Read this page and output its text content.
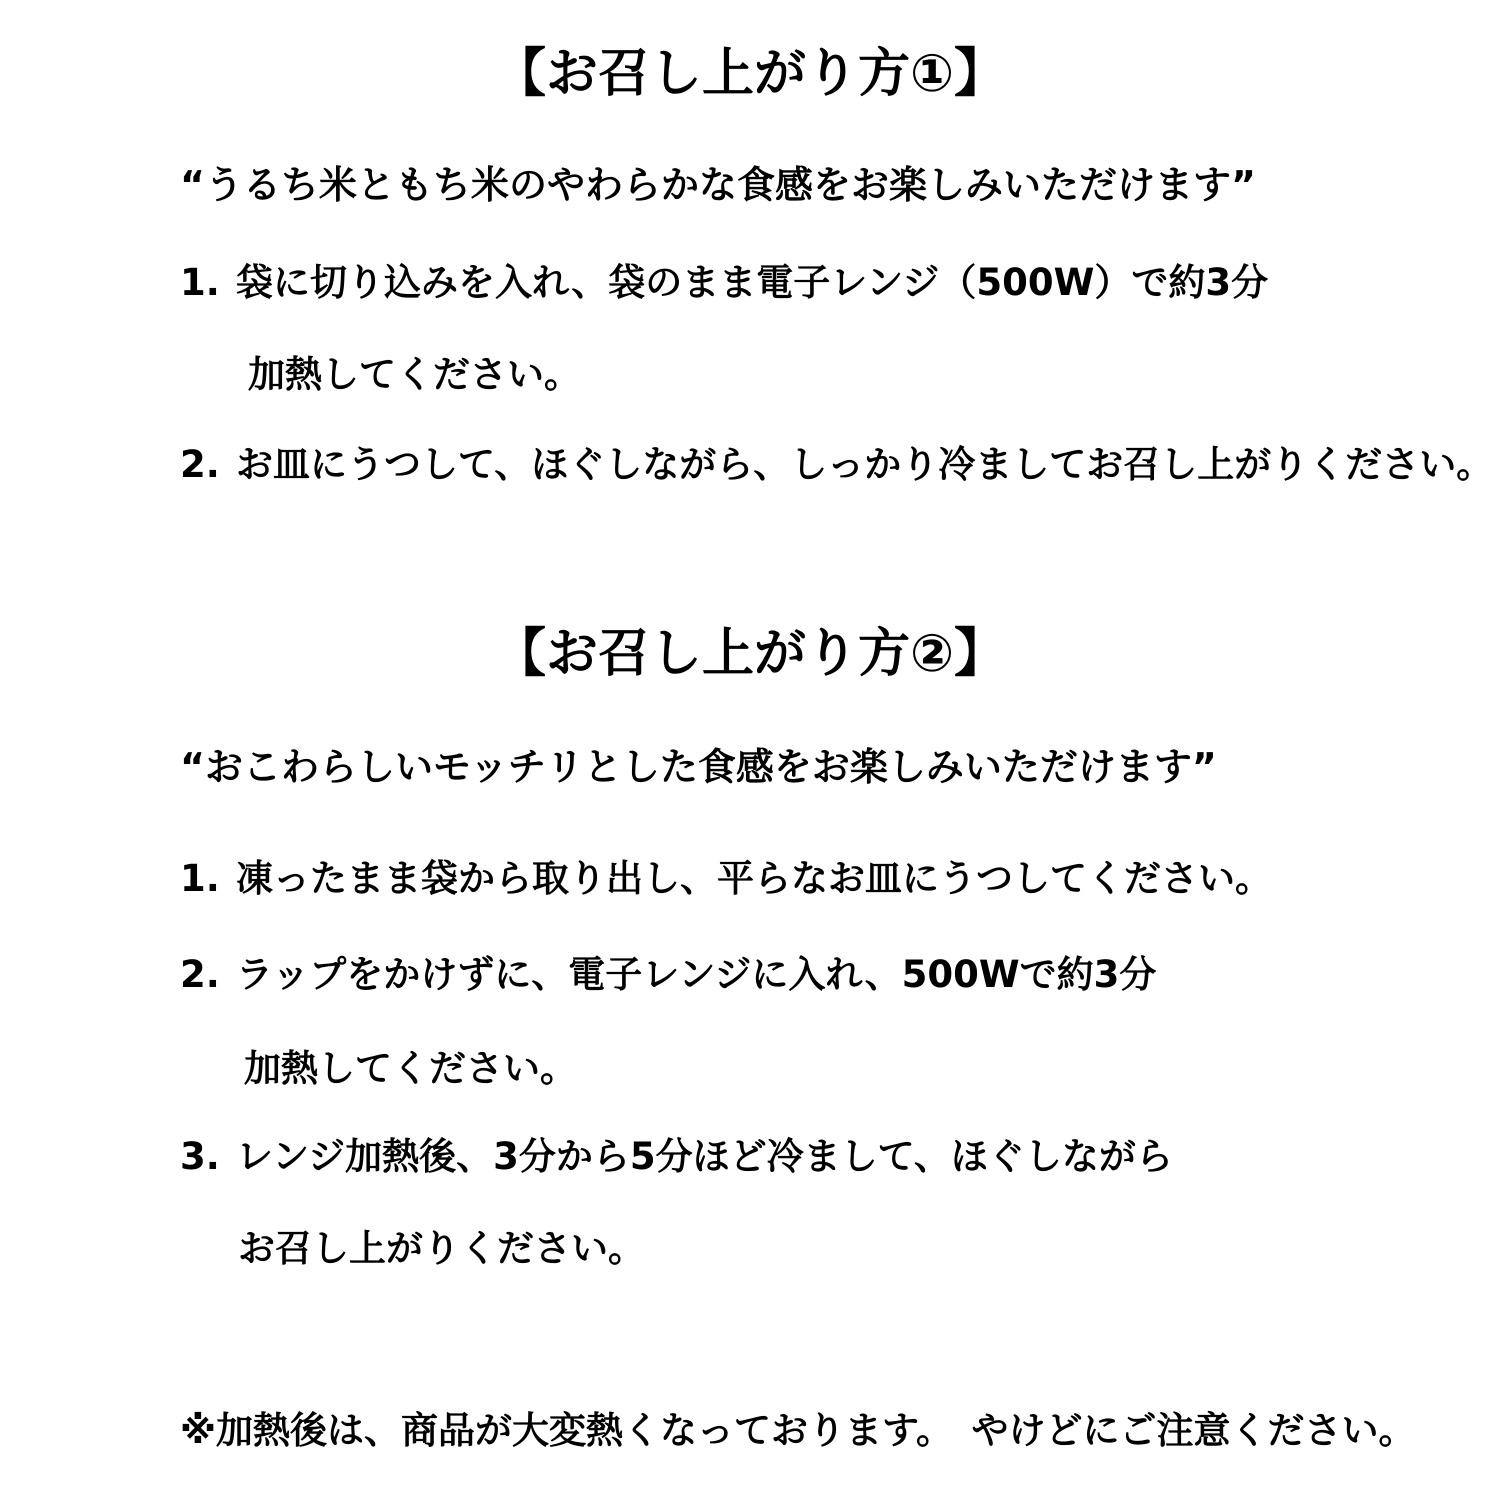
【お召し上がり方①】
“うるち米ともち米のやわらかな食感をお楽しみいただけます”
1. 袋に切り込みを入れ、袋のまま電子レンジ（500W）で約3分
加熱してください。
2. お皿にうつして、ほぐしながら、しっかり冷ましてお召し上がりください。
【お召し上がり方②】
“おこわらしいモッチリとした食感をお楽しみいただけます”
1. 凍ったまま袋から取り出し、平らなお皿にうつしてください。
2. ラップをかけずに、電子レンジに入れ、500Wで約3分
加熱してください。
3. レンジ加熱後、3分から5分ほど冷まして、ほぐしながら
お召し上がりください。
※加熱後は、商品が大変熱くなっております。　やけどにご注意ください。
